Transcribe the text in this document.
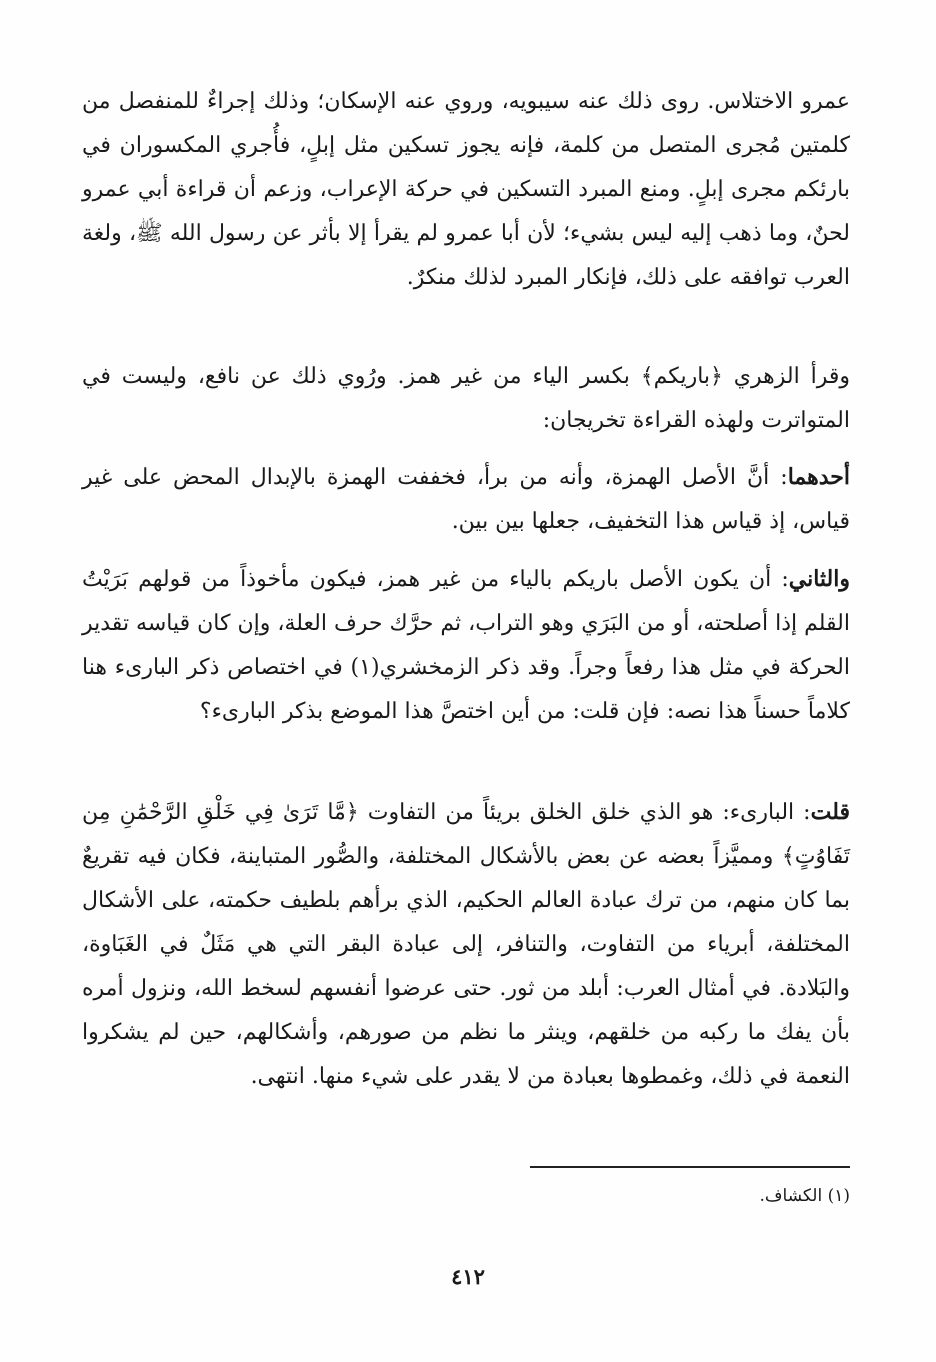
عمرو الاختلاس. روى ذلك عنه سيبويه، وروي عنه الإسكان؛ وذلك إجراءٌ للمنفصل من كلمتين مُجرى المتصل من كلمة، فإنه يجوز تسكين مثل إبلٍ، فأُجري المكسوران في بارئكم مجرى إبلٍ. ومنع المبرد التسكين في حركة الإعراب، وزعم أن قراءة أبي عمرو لحنٌ، وما ذهب إليه ليس بشيء؛ لأن أبا عمرو لم يقرأ إلا بأثر عن رسول الله ﷺ، ولغة العرب توافقه على ذلك، فإنكار المبرد لذلك منكرٌ.

وقرأ الزهري ﴿باريكم﴾ بكسر الياء من غير همز. ورُوي ذلك عن نافع، وليست في المتواترت ولهذه القراءة تخريجان:

أحدهما: أنَّ الأصل الهمزة، وأنه من برأ، فخففت الهمزة بالإبدال المحض على غير قياس، إذ قياس هذا التخفيف، جعلها بين بين.

والثاني: أن يكون الأصل باريكم بالياء من غير همز، فيكون مأخوذاً من قولهم بَرَيْتُ القلم إذا أصلحته، أو من البَرَي وهو التراب، ثم حرَّك حرف العلة، وإن كان قياسه تقدير الحركة في مثل هذا رفعاً وجراً. وقد ذكر الزمخشري(١) في اختصاص ذكر البارىء هنا كلاماً حسناً هذا نصه: فإن قلت: من أين اختصَّ هذا الموضع بذكر البارىء؟

قلت: البارىء: هو الذي خلق الخلق بريئاً من التفاوت ﴿مَّا تَرَىٰ فِي خَلْقِ الرَّحْمَٰنِ مِن تَفَاوُتٍ﴾ ومميَّزاً بعضه عن بعض بالأشكال المختلفة، والصُّور المتباينة، فكان فيه تقريعٌ بما كان منهم، من ترك عبادة العالم الحكيم، الذي برأهم بلطيف حكمته، على الأشكال المختلفة، أبرياء من التفاوت، والتنافر، إلى عبادة البقر التي هي مَثَلٌ في الغَبَاوة، والبَلادة. في أمثال العرب: أبلد من ثور. حتى عرضوا أنفسهم لسخط الله، ونزول أمره بأن يفك ما ركبه من خلقهم، وينثر ما نظم من صورهم، وأشكالهم، حين لم يشكروا النعمة في ذلك، وغمطوها بعبادة من لا يقدر على شيء منها. انتهى.

(١) الكشاف.
٤١٢
